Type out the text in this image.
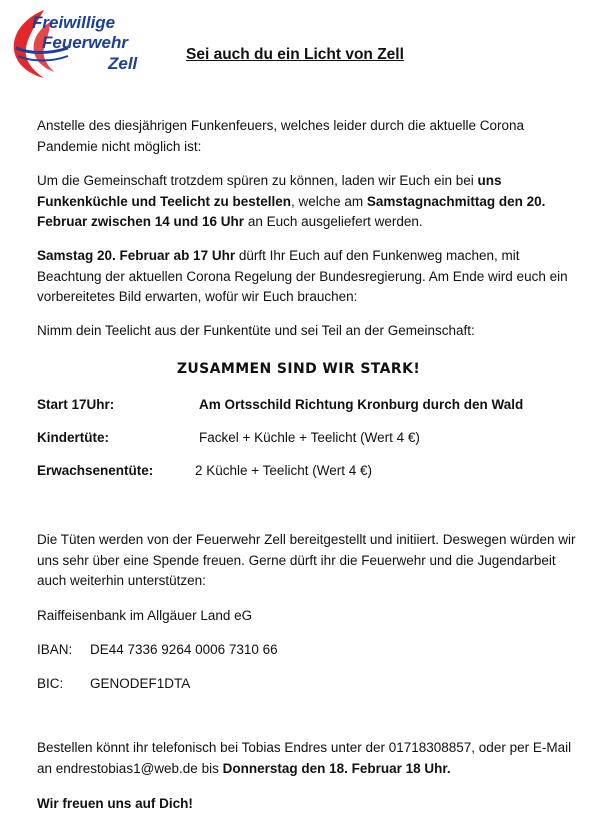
Freiwillige
Feuerwehr
Zell	Sei auch du ein Licht von Zell
Anstelle des diesjährigen Funkenfeuers, welches leider durch die aktuelle Corona Pandemie nicht möglich ist:
Um die Gemeinschaft trotzdem spüren zu können, laden wir Euch ein bei uns Funkenküchle und Teelicht zu bestellen, welche am Samstagnachmittag den 20. Februar zwischen 14 und 16 Uhr an Euch ausgeliefert werden.
Samstag 20. Februar ab 17 Uhr dürft Ihr Euch auf den Funkenweg machen, mit Beachtung der aktuellen Corona Regelung der Bundesregierung. Am Ende wird euch ein vorbereitetes Bild erwarten, wofür wir Euch brauchen:
Nimm dein Teelicht aus der Funkentüte und sei Teil an der Gemeinschaft:
ZUSAMMEN SIND WIR STARK!
Start 17Uhr:	Am Ortsschild Richtung Kronburg durch den Wald
Kindertüte:	Fackel + Küchle + Teelicht (Wert 4 €)
Erwachsenentüte:	2 Küchle + Teelicht (Wert 4 €)
Die Tüten werden von der Feuerwehr Zell bereitgestellt und initiiert. Deswegen würden wir uns sehr über eine Spende freuen. Gerne dürft ihr die Feuerwehr und die Jugendarbeit auch weiterhin unterstützen:
Raiffeisenbank im Allgäuer Land eG
IBAN: DE44 7336 9264 0006 7310 66
BIC: GENODEF1DTA
Bestellen könnt ihr telefonisch bei Tobias Endres unter der 01718308857, oder per E-Mail an endrestobias1@web.de bis Donnerstag den 18. Februar 18 Uhr.
Wir freuen uns auf Dich!
